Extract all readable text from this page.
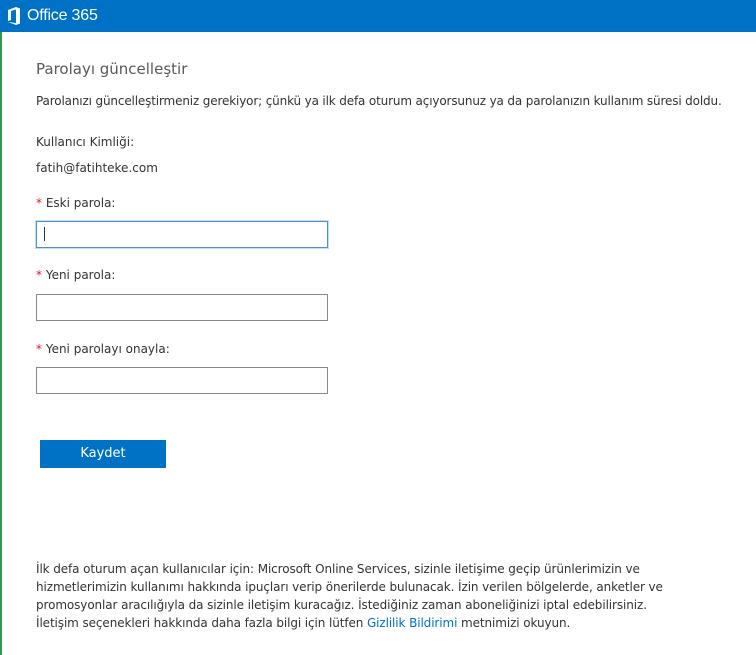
Office 365
Parolayı güncelleştir
Parolanızı güncelleştirmeniz gerekiyor; çünkü ya ilk defa oturum açıyorsunuz ya da parolanızın kullanım süresi doldu.
Kullanıcı Kimliği:
fatih@fatihteke.com
* Eski parola:
* Yeni parola:
* Yeni parolayı onayla:
Kaydet
İlk defa oturum açan kullanıcılar için: Microsoft Online Services, sizinle iletişime geçip ürünlerimizin ve hizmetlerimizin kullanımı hakkında ipuçları verip önerilerde bulunacak. İzin verilen bölgelerde, anketler ve promosyonlar aracılığıyla da sizinle iletişim kuracağız. İstediğiniz zaman aboneliğinizi iptal edebilirsiniz. İletişim seçenekleri hakkında daha fazla bilgi için lütfen Gizlilik Bildirimi metnimizi okuyun.
